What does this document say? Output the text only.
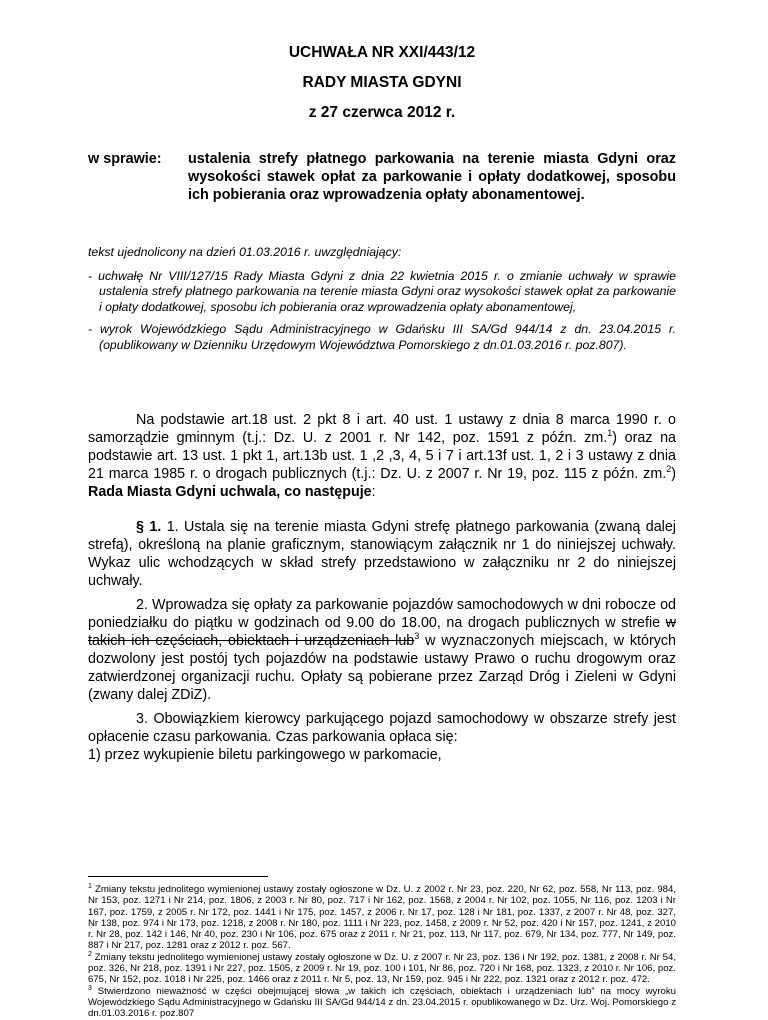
UCHWAŁA NR XXI/443/12
RADY MIASTA GDYNI
z 27 czerwca 2012 r.
w sprawie:	ustalenia strefy płatnego parkowania na terenie miasta Gdyni oraz wysokości stawek opłat za parkowanie i opłaty dodatkowej, sposobu ich pobierania oraz wprowadzenia opłaty abonamentowej.

tekst ujednolicony na dzień 01.03.2016 r. uwzględniający:

- uchwałę Nr VIII/127/15 Rady Miasta Gdyni z dnia 22 kwietnia 2015 r. o zmianie uchwały w sprawie ustalenia strefy płatnego parkowania na terenie miasta Gdyni oraz wysokości stawek opłat za parkowanie i opłaty dodatkowej, sposobu ich pobierania oraz wprowadzenia opłaty abonamentowej,

- wyrok Wojewódzkiego Sądu Administracyjnego w Gdańsku III SA/Gd 944/14 z dn. 23.04.2015 r. (opublikowany w Dzienniku Urzędowym Województwa Pomorskiego z dn.01.03.2016 r. poz.807).

Na podstawie art.18 ust. 2 pkt 8 i art. 40 ust. 1 ustawy z dnia 8 marca 1990 r. o samorządzie gminnym (t.j.: Dz. U. z 2001 r. Nr 142, poz. 1591 z późn. zm.$^1$) oraz na podstawie art. 13 ust. 1 pkt 1, art.13b ust. 1 ,2 ,3, 4, 5 i 7 i art.13f ust. 1, 2 i 3 ustawy z dnia 21 marca 1985 r. o drogach publicznych (t.j.: Dz. U. z 2007 r. Nr 19, poz. 115 z późn. zm.$^2$) Rada Miasta Gdyni uchwala, co następuje:

§ 1. 1. Ustala się na terenie miasta Gdyni strefę płatnego parkowania (zwaną dalej strefą), określoną na planie graficznym, stanowiącym załącznik nr 1 do niniejszej uchwały. Wykaz ulic wchodzących w skład strefy przedstawiono w załączniku nr 2 do niniejszej uchwały.

2. Wprowadza się opłaty za parkowanie pojazdów samochodowych w dni robocze od poniedziałku do piątku w godzinach od 9.00 do 18.00, na drogach publicznych w strefie w takich ich częściach, obiektach i urządzeniach lub$^3$ w wyznaczonych miejscach, w których dozwolony jest postój tych pojazdów na podstawie ustawy Prawo o ruchu drogowym oraz zatwierdzonej organizacji ruchu. Opłaty są pobierane przez Zarząd Dróg i Zieleni w Gdyni (zwany dalej ZDiZ).

3. Obowiązkiem kierowcy parkującego pojazd samochodowy w obszarze strefy jest opłacenie czasu parkowania. Czas parkowania opłaca się:

1) przez wykupienie biletu parkingowego w parkomacie,

$^1$ Zmiany tekstu jednolitego wymienionej ustawy zostały ogłoszone w Dz. U. z 2002 r. Nr 23, poz. 220, Nr 62, poz. 558, Nr 113, poz. 984, Nr 153, poz. 1271 i Nr 214, poz. 1806, z 2003 r. Nr 80, poz. 717 i Nr 162, poz. 1568, z 2004 r. Nr 102, poz. 1055, Nr 116, poz. 1203 i Nr 167, poz. 1759, z 2005 r. Nr 172, poz. 1441 i Nr 175, poz. 1457, z 2006 r. Nr 17, poz. 128 i Nr 181, poz. 1337, z 2007 r. Nr 48, poz. 327, Nr 138, poz. 974 i Nr 173, poz. 1218, z 2008 r. Nr 180, poz. 1111 i Nr 223, poz. 1458, z 2009 r. Nr 52, poz. 420 i Nr 157, poz. 1241, z 2010 r. Nr 28, poz. 142 i 146, Nr 40, poz. 230 i Nr 106, poz. 675 oraz z 2011 r. Nr 21, poz. 113, Nr 117, poz. 679, Nr 134, poz. 777, Nr 149, poz. 887 i Nr 217, poz. 1281 oraz z 2012 r. poz. 567.

$^2$ Zmiany tekstu jednolitego wymienionej ustawy zostały ogłoszone w Dz. U. z 2007 r. Nr 23, poz. 136 i Nr 192, poz. 1381, z 2008 r. Nr 54, poz. 326, Nr 218, poz. 1391 i Nr 227, poz. 1505, z 2009 r. Nr 19, poz. 100 i 101, Nr 86, poz. 720 i Nr 168, poz. 1323, z 2010 r. Nr 106, poz. 675, Nr 152, poz. 1018 i Nr 225, poz. 1466 oraz z 2011 r. Nr 5, poz. 13, Nr 159, poz. 945 i Nr 222, poz. 1321 oraz z 2012 r. poz. 472.

$^3$ Stwierdzono nieważność w części obejmującej słowa „w takich ich częściach, obiektach i urządzeniach lub” na mocy wyroku Wojewódzkiego Sądu Administracyjnego w Gdańsku III SA/Gd 944/14 z dn. 23.04.2015 r. opublikowanego w Dz. Urz. Woj. Pomorskiego z dn.01.03.2016 r. poz.807
